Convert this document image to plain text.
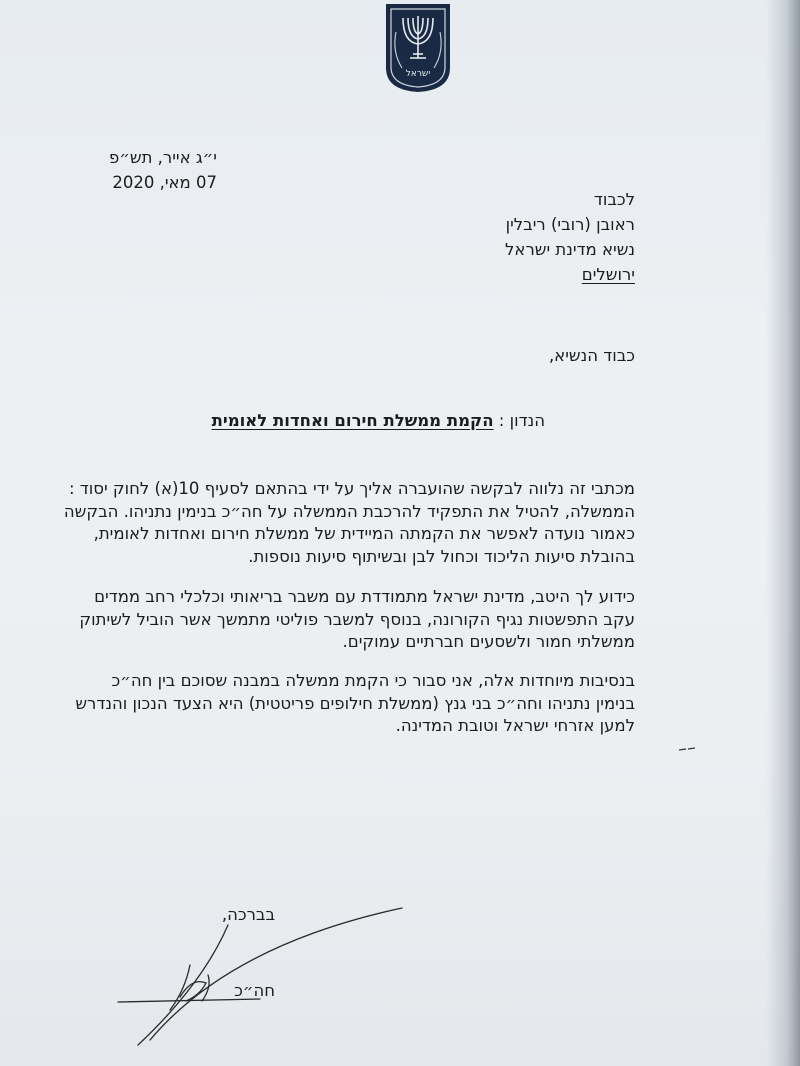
ישראל
י״ג אייר, תש״פ
07 מאי, 2020
לכבוד
ראובן (רובי) ריבלין
נשיא מדינת ישראל
ירושלים
כבוד הנשיא,
הנדון : הקמת ממשלת חירום ואחדות לאומית
מכתבי זה נלווה לבקשה שהועברה אליך על ידי בהתאם לסעיף 10(א) לחוק יסוד :
הממשלה, להטיל את התפקיד להרכבת הממשלה על חה״כ בנימין נתניהו. הבקשה
כאמור נועדה לאפשר את הקמתה המיידית של ממשלת חירום ואחדות לאומית,
בהובלת סיעות הליכוד וכחול לבן ובשיתוף סיעות נוספות.
כידוע לך היטב, מדינת ישראל מתמודדת עם משבר בריאותי וכלכלי רחב ממדים
עקב התפשטות נגיף הקורונה, בנוסף למשבר פוליטי מתמשך אשר הוביל לשיתוק
ממשלתי חמור ולשסעים חברתיים עמוקים.
בנסיבות מיוחדות אלה, אני סבור כי הקמת ממשלה במבנה שסוכם בין חה״כ
בנימין נתניהו וחה״כ בני גנץ (ממשלת חילופים פריטטית) היא הצעד הנכון והנדרש
למען אזרחי ישראל וטובת המדינה.
בברכה,
חה״כ
